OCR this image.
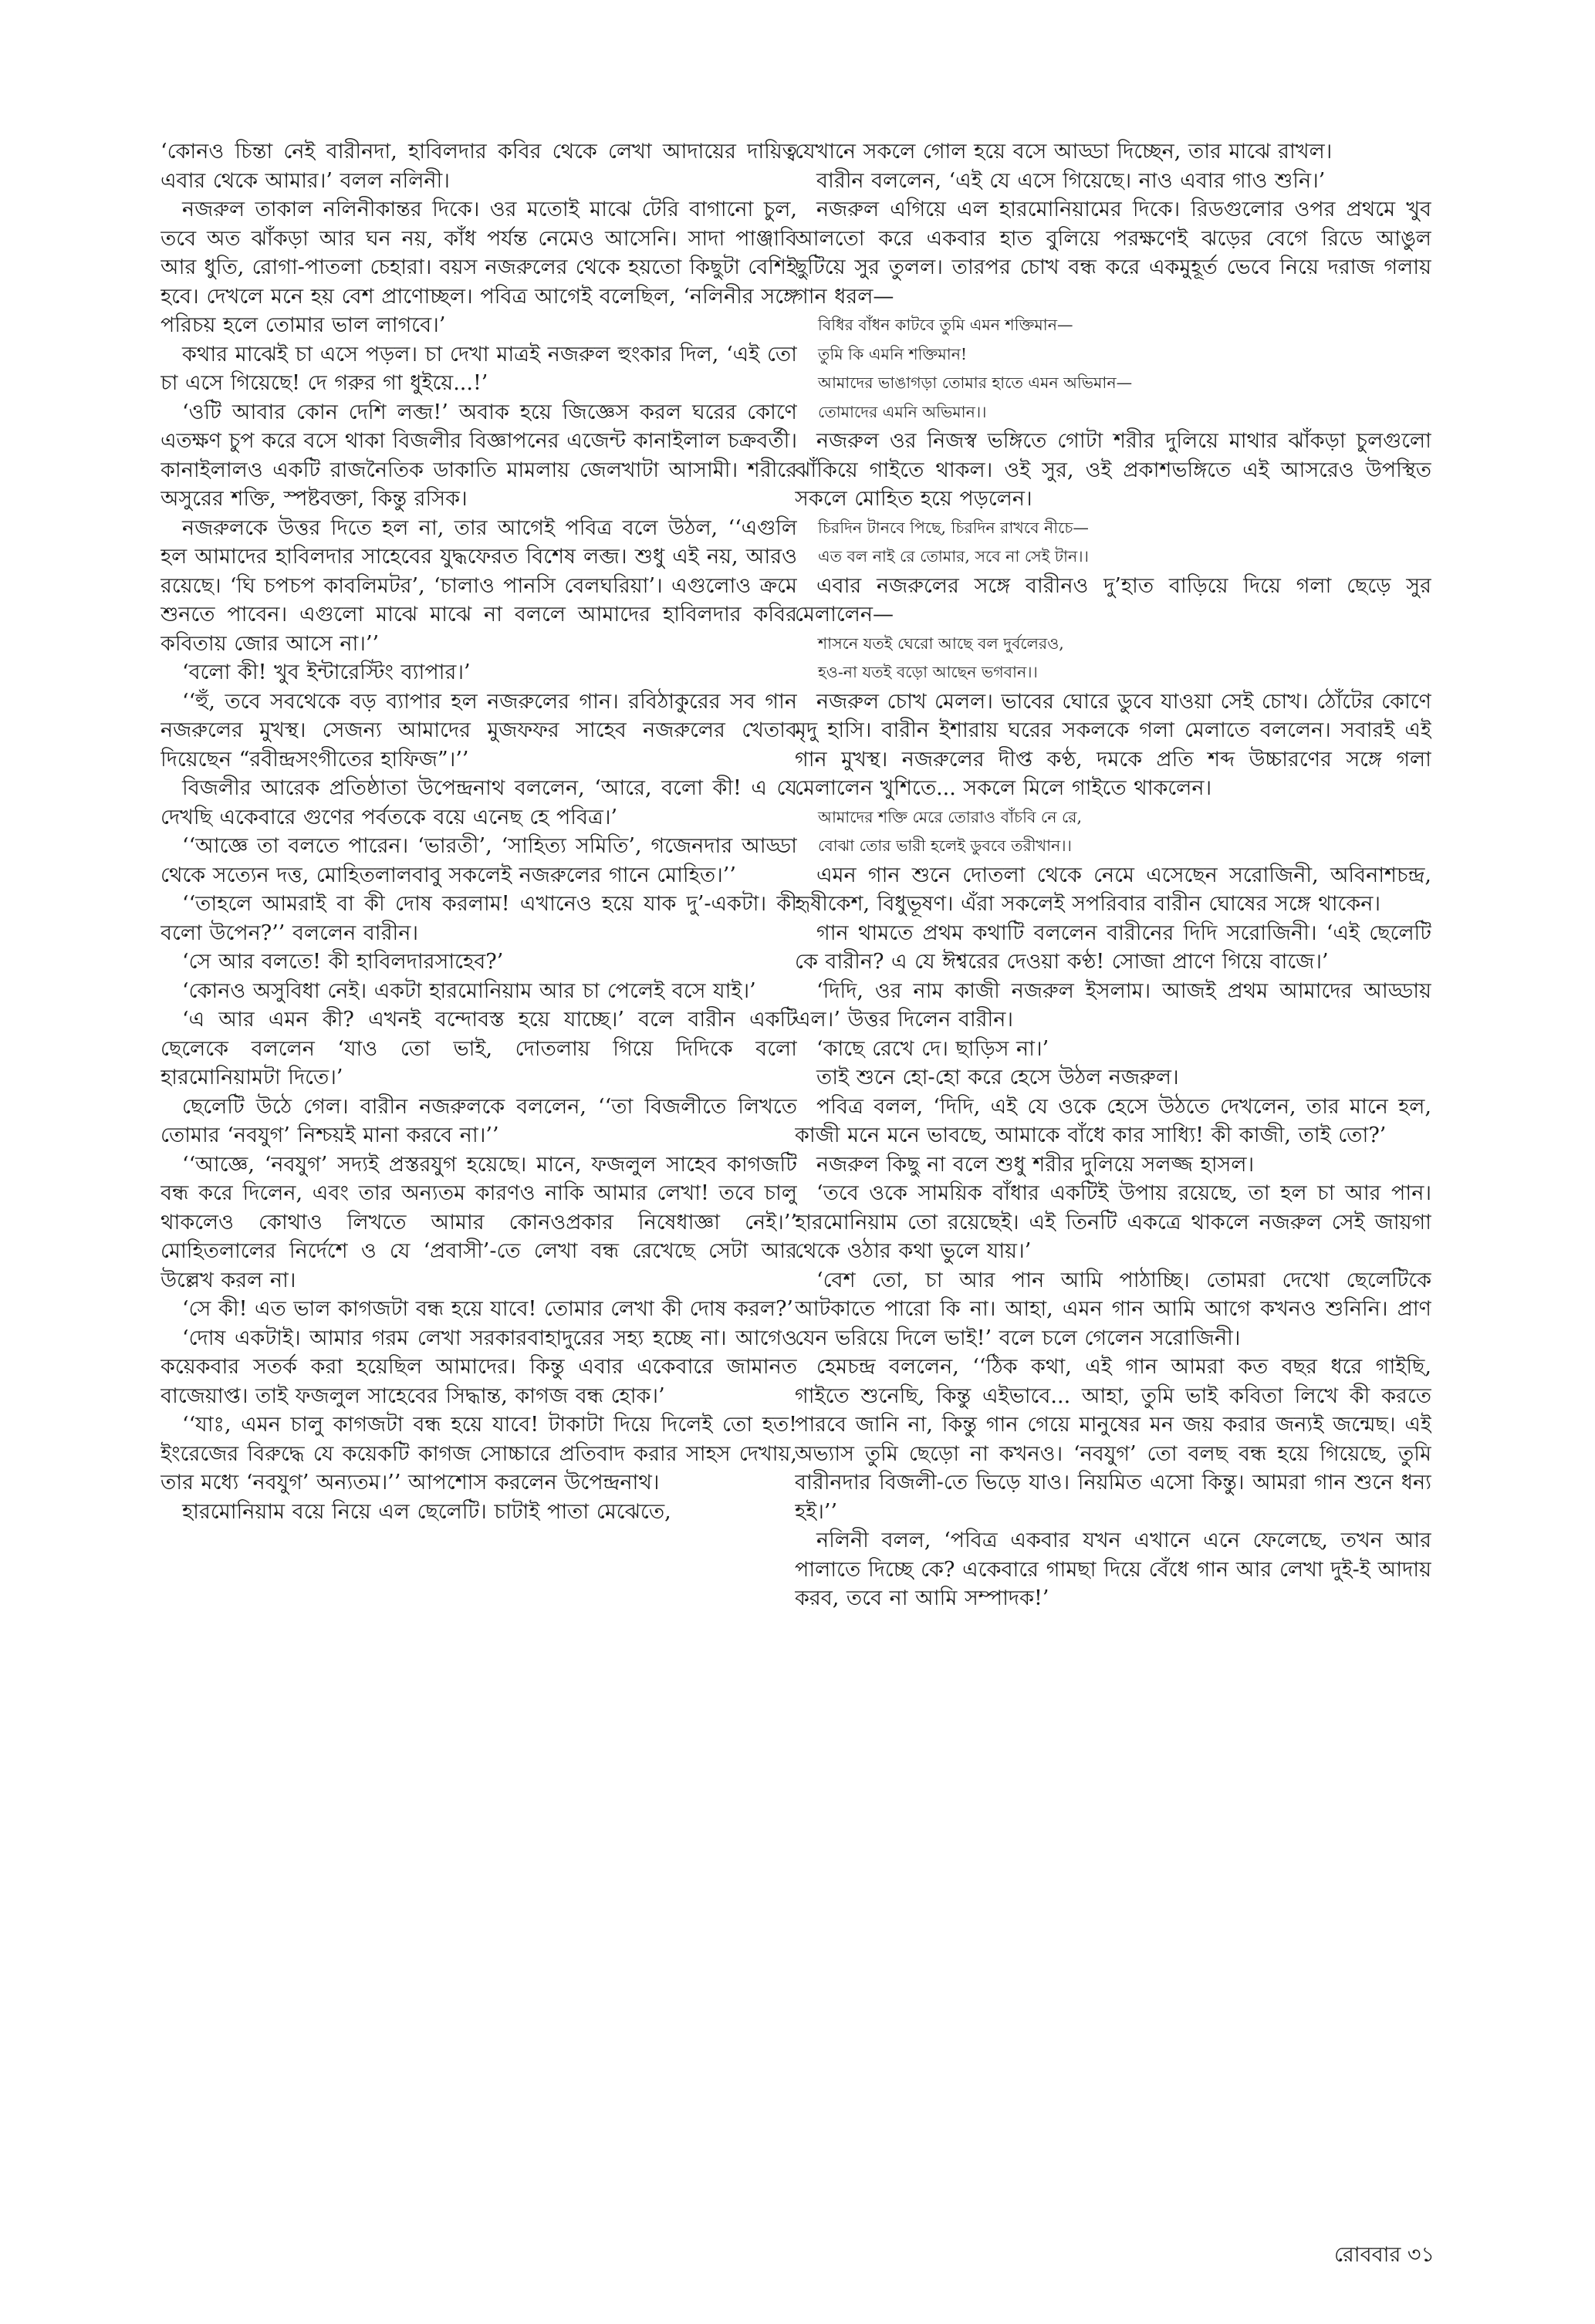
‘কোনও চিন্তা নেই বারীনদা, হাবিলদার কবির থেকে লেখা আদায়ের দায়িত্ব এবার থেকে আমার।’ বলল নলিনী।

নজরুল তাকাল নলিনীকান্তর দিকে। ওর মতোই মাঝে টেরি বাগানো চুল, তবে অত ঝাঁকড়া আর ঘন নয়, কাঁধ পর্যন্ত নেমেও আসেনি। সাদা পাঞ্জাবি আর ধুতি, রোগা-পাতলা চেহারা। বয়স নজরুলের থেকে হয়তো কিছুটা বেশিই হবে। দেখলে মনে হয় বেশ প্রাণোচ্ছল। পবিত্র আগেই বলেছিল, ‘নলিনীর সঙ্গে পরিচয় হলে তোমার ভাল লাগবে।’

কথার মাঝেই চা এসে পড়ল। চা দেখা মাত্রই নজরুল হুংকার দিল, ‘এই তো চা এসে গিয়েছে! দে গরুর গা ধুইয়ে...!’

‘ওটি আবার কোন দেশি লব্জ!’ অবাক হয়ে জিজ্ঞেস করল ঘরের কোণে এতক্ষণ চুপ করে বসে থাকা বিজলীর বিজ্ঞাপনের এজেন্ট কানাইলাল চক্রবর্তী। কানাইলালও একটি রাজনৈতিক ডাকাতি মামলায় জেলখাটা আসামী। শরীরে অসুরের শক্তি, স্পষ্টবক্তা, কিন্তু রসিক।

নজরুলকে উত্তর দিতে হল না, তার আগেই পবিত্র বলে উঠল, ‘‘এগুলি হল আমাদের হাবিলদার সাহেবের যুদ্ধফেরত বিশেষ লব্জ। শুধু এই নয়, আরও রয়েছে। ‘ঘি চপচপ কাবলিমটর’, ‘চালাও পানসি বেলঘরিয়া’। এগুলোও ক্রমে শুনতে পাবেন। এগুলো মাঝে মাঝে না বললে আমাদের হাবিলদার কবির কবিতায় জোর আসে না।’’

‘বলো কী! খুব ইন্টারেস্টিং ব্যাপার।’

‘‘হুঁ, তবে সবথেকে বড় ব্যাপার হল নজরুলের গান। রবিঠাকুরের সব গান নজরুলের মুখস্থ। সেজন্য আমাদের মুজফফর সাহেব নজরুলের খেতাব দিয়েছেন “রবীন্দ্রসংগীতের হাফিজ”।’’

বিজলীর আরেক প্রতিষ্ঠাতা উপেন্দ্রনাথ বললেন, ‘আরে, বলো কী! এ যে দেখছি একেবারে গুণের পর্বতকে বয়ে এনেছ হে পবিত্র।’

‘‘আজ্ঞে তা বলতে পারেন। ‘ভারতী’, ‘সাহিত্য সমিতি’, গজেনদার আড্ডা থেকে সত্যেন দত্ত, মোহিতলালবাবু সকলেই নজরুলের গানে মোহিত।’’

‘‘তাহলে আমরাই বা কী দোষ করলাম! এখানেও হয়ে যাক দু’-একটা। কী বলো উপেন?’’ বললেন বারীন।

‘সে আর বলতে! কী হাবিলদারসাহেব?’

‘কোনও অসুবিধা নেই। একটা হারমোনিয়াম আর চা পেলেই বসে যাই।’

‘এ আর এমন কী? এখনই বন্দোবস্ত হয়ে যাচ্ছে।’ বলে বারীন একটি ছেলেকে বললেন ‘যাও তো ভাই, দোতলায় গিয়ে দিদিকে বলো হারমোনিয়ামটা দিতে।’

ছেলেটি উঠে গেল। বারীন নজরুলকে বললেন, ‘‘তা বিজলীতে লিখতে তোমার ‘নবযুগ’ নিশ্চয়ই মানা করবে না।’’

‘‘আজ্ঞে, ‘নবযুগ’ সদ্যই প্রস্তরযুগ হয়েছে। মানে, ফজলুল সাহেব কাগজটি বন্ধ করে দিলেন, এবং তার অন্যতম কারণও নাকি আমার লেখা! তবে চালু থাকলেও কোথাও লিখতে আমার কোনওপ্রকার নিষেধাজ্ঞা নেই।’’ মোহিতলালের নির্দেশে ও যে ‘প্রবাসী’-তে লেখা বন্ধ রেখেছে সেটা আর উল্লেখ করল না।

‘সে কী! এত ভাল কাগজটা বন্ধ হয়ে যাবে! তোমার লেখা কী দোষ করল?’

‘দোষ একটাই। আমার গরম লেখা সরকারবাহাদুরের সহ্য হচ্ছে না। আগেও কয়েকবার সতর্ক করা হয়েছিল আমাদের। কিন্তু এবার একেবারে জামানত বাজেয়াপ্ত। তাই ফজলুল সাহেবের সিদ্ধান্ত, কাগজ বন্ধ হোক।’

‘‘যাঃ, এমন চালু কাগজটা বন্ধ হয়ে যাবে! টাকাটা দিয়ে দিলেই তো হত! ইংরেজের বিরুদ্ধে যে কয়েকটি কাগজ সোচ্চারে প্রতিবাদ করার সাহস দেখায়, তার মধ্যে ‘নবযুগ’ অন্যতম।’’ আপশোস করলেন উপেন্দ্রনাথ।

হারমোনিয়াম বয়ে নিয়ে এল ছেলেটি। চাটাই পাতা মেঝেতে,

যেখানে সকলে গোল হয়ে বসে আড্ডা দিচ্ছেন, তার মাঝে রাখল।

বারীন বললেন, ‘এই যে এসে গিয়েছে। নাও এবার গাও শুনি।’

নজরুল এগিয়ে এল হারমোনিয়ামের দিকে। রিডগুলোর ওপর প্রথমে খুব আলতো করে একবার হাত বুলিয়ে পরক্ষণেই ঝড়ের বেগে রিডে আঙুল ছুটিয়ে সুর তুলল। তারপর চোখ বন্ধ করে একমুহূর্ত ভেবে নিয়ে দরাজ গলায় গান ধরল—

বিধির বাঁধন কাটবে তুমি এমন শক্তিমান—

তুমি কি এমনি শক্তিমান!

আমাদের ভাঙাগড়া তোমার হাতে এমন অভিমান—

তোমাদের এমনি অভিমান।।

নজরুল ওর নিজস্ব ভঙ্গিতে গোটা শরীর দুলিয়ে মাথার ঝাঁকড়া চুলগুলো ঝাঁকিয়ে গাইতে থাকল। ওই সুর, ওই প্রকাশভঙ্গিতে এই আসরেও উপস্থিত সকলে মোহিত হয়ে পড়লেন।

চিরদিন টানবে পিছে, চিরদিন রাখবে নীচে—

এত বল নাই রে তোমার, সবে না সেই টান।।

এবার নজরুলের সঙ্গে বারীনও দু’হাত বাড়িয়ে দিয়ে গলা ছেড়ে সুর মেলালেন—

শাসনে যতই ঘেরো আছে বল দুর্বলেরও,

হও-না যতই বড়ো আছেন ভগবান।।

নজরুল চোখ মেলল। ভাবের ঘোরে ডুবে যাওয়া সেই চোখ। ঠোঁটের কোণে মৃদু হাসি। বারীন ইশারায় ঘরের সকলকে গলা মেলাতে বললেন। সবারই এই গান মুখস্থ। নজরুলের দীপ্ত কণ্ঠ, দমকে প্রতি শব্দ উচ্চারণের সঙ্গে গলা মেলালেন খুশিতে... সকলে মিলে গাইতে থাকলেন।

আমাদের শক্তি মেরে তোরাও বাঁচবি নে রে,

বোঝা তোর ভারী হলেই ডুববে তরীখান।।

এমন গান শুনে দোতলা থেকে নেমে এসেছেন সরোজিনী, অবিনাশচন্দ্র, হৃষীকেশ, বিধুভূষণ। এঁরা সকলেই সপরিবার বারীন ঘোষের সঙ্গে থাকেন।

গান থামতে প্রথম কথাটি বললেন বারীনের দিদি সরোজিনী। ‘এই ছেলেটি কে বারীন? এ যে ঈশ্বরের দেওয়া কণ্ঠ! সোজা প্রাণে গিয়ে বাজে।’

‘দিদি, ওর নাম কাজী নজরুল ইসলাম। আজই প্রথম আমাদের আড্ডায় এল।’ উত্তর দিলেন বারীন।

‘কাছে রেখে দে। ছাড়িস না।’

তাই শুনে হো-হো করে হেসে উঠল নজরুল।

পবিত্র বলল, ‘দিদি, এই যে ওকে হেসে উঠতে দেখলেন, তার মানে হল, কাজী মনে মনে ভাবছে, আমাকে বাঁধে কার সাধ্যি! কী কাজী, তাই তো?’

নজরুল কিছু না বলে শুধু শরীর দুলিয়ে সলজ্জ হাসল।

‘তবে ওকে সাময়িক বাঁধার একটিই উপায় রয়েছে, তা হল চা আর পান। হারমোনিয়াম তো রয়েছেই। এই তিনটি একত্রে থাকলে নজরুল সেই জায়গা থেকে ওঠার কথা ভুলে যায়।’

‘বেশ তো, চা আর পান আমি পাঠাচ্ছি। তোমরা দেখো ছেলেটিকে আটকাতে পারো কি না। আহা, এমন গান আমি আগে কখনও শুনিনি। প্রাণ যেন ভরিয়ে দিলে ভাই!’ বলে চলে গেলেন সরোজিনী।

হেমচন্দ্র বললেন, ‘‘ঠিক কথা, এই গান আমরা কত বছর ধরে গাইছি, গাইতে শুনেছি, কিন্তু এইভাবে... আহা, তুমি ভাই কবিতা লিখে কী করতে পারবে জানি না, কিন্তু গান গেয়ে মানুষের মন জয় করার জন্যই জন্মেছ। এই অভ্যাস তুমি ছেড়ো না কখনও। ‘নবযুগ’ তো বলছ বন্ধ হয়ে গিয়েছে, তুমি বারীনদার বিজলী-তে ভিড়ে যাও। নিয়মিত এসো কিন্তু। আমরা গান শুনে ধন্য হই।’’

নলিনী বলল, ‘পবিত্র একবার যখন এখানে এনে ফেলেছে, তখন আর পালাতে দিচ্ছে কে? একেবারে গামছা দিয়ে বেঁধে গান আর লেখা দুই-ই আদায় করব, তবে না আমি সম্পাদক!’

রোববার ৩১
